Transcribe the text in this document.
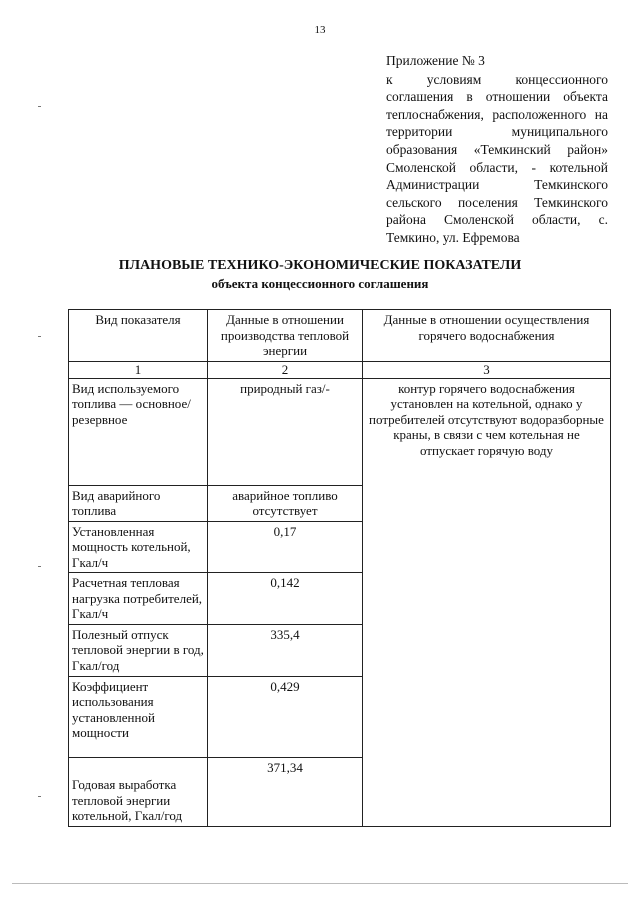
13

Приложение № 3

к условиям концессионного соглашения в отношении объекта теплоснабжения, расположенного на территории муниципального образования «Темкинский район» Смоленской области, - котельной Администрации Темкинского сельского поселения Темкинского района Смоленской области, с. Темкино, ул. Ефремова

ПЛАНОВЫЕ ТЕХНИКО-ЭКОНОМИЧЕСКИЕ ПОКАЗАТЕЛИ
объекта концессионного соглашения
Вид показателя	Данные в отношении производства тепловой энергии	Данные в отношении осуществления горячего водоснабжения
1	2	3
Вид используемого топлива — основное/резервное	природный газ/-	контур горячего водоснабжения установлен на котельной, однако у потребителей отсутствуют водоразборные краны, в связи с чем котельная не отпускает горячую воду
Вид аварийного топлива	аварийное топливо отсутствует	
Установленная мощность котельной, Гкал/ч	0,17	
Расчетная тепловая нагрузка потребителей, Гкал/ч	0,142	
Полезный отпуск тепловой энергии в год, Гкал/год	335,4	
Коэффициент использования установленной мощности	0,429	
Годовая выработка тепловой энергии котельной, Гкал/год	371,34	
